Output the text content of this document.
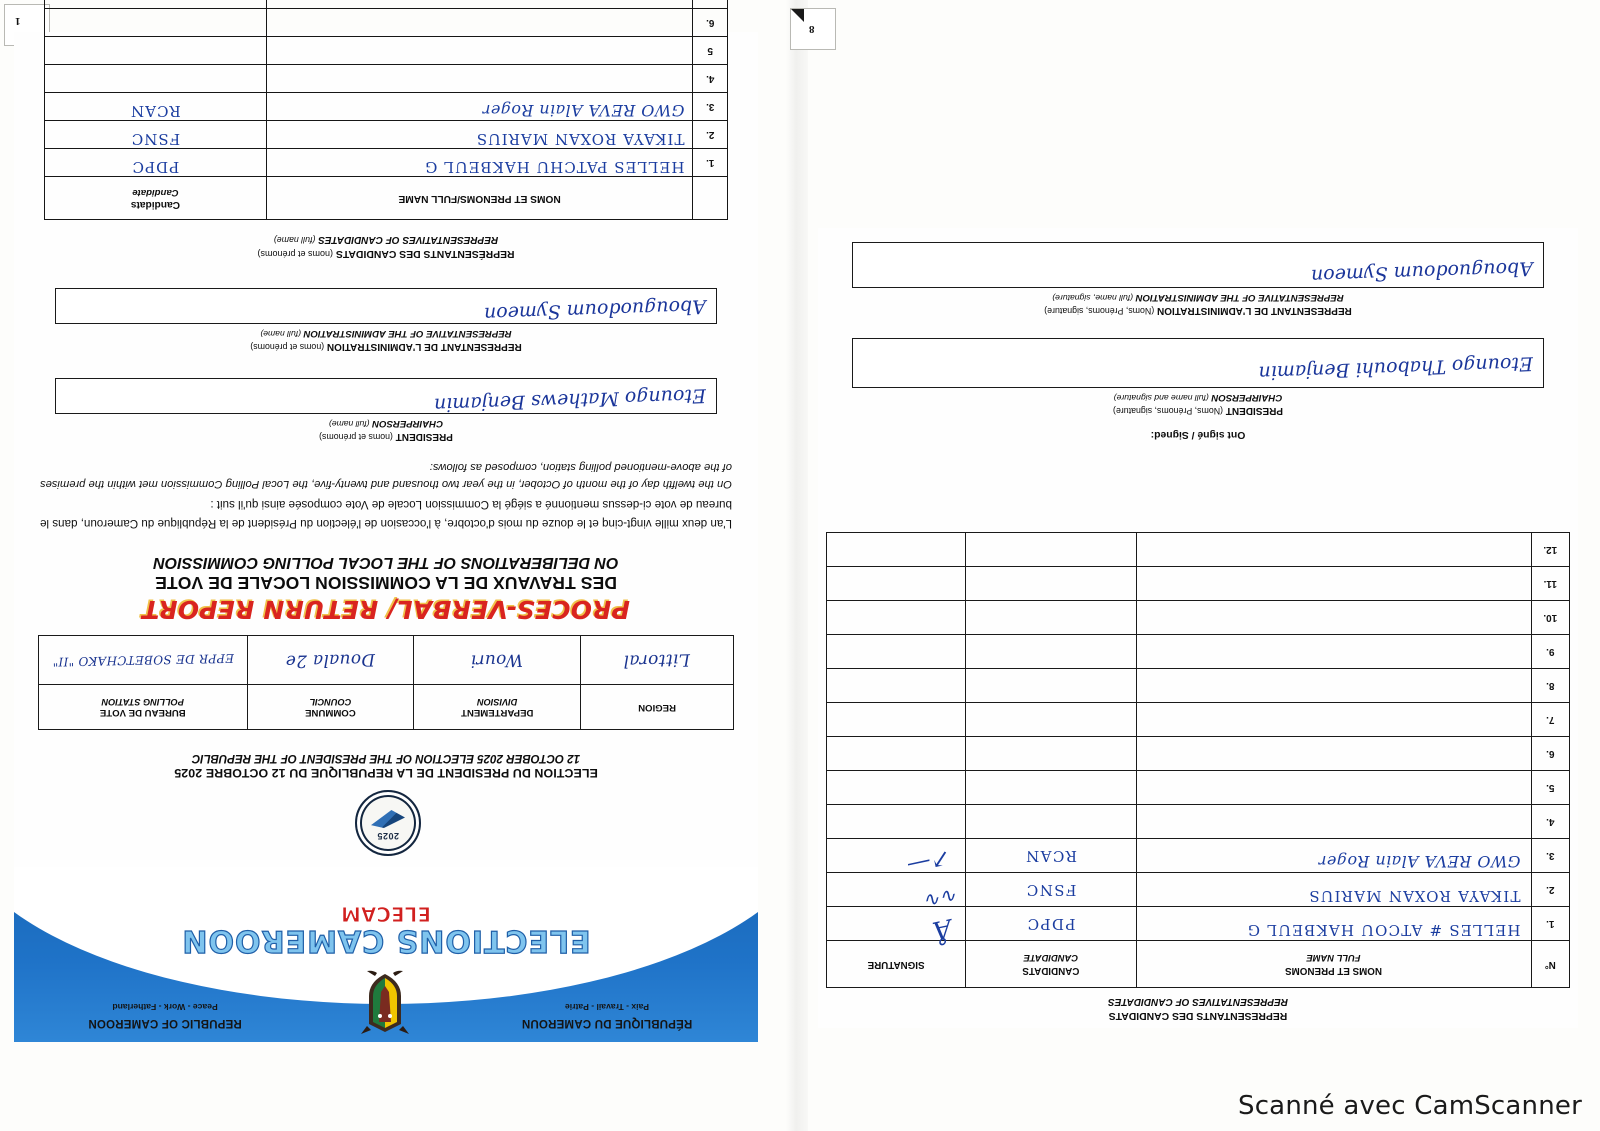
1
8
RÉPUBLIQUE DU CAMEROUN
Paix - Travail - Patrie
REPUBLIC OF CAMEROON
Peace - Work - Fatherland
ELECTIONS CAMEROON
ELECAM
2025
ELECTION DU PRESIDENT DE LA REPUBLIQUE DU 12 OCTOBRE 2025
12 OCTOBER 2025 ELECTION OF THE PRESIDENT OF THE REPUBLIC
REGION

DEPARTEMENT
DIVISION

COMMUNE
COUNCIL

BUREAU DE VOTE
POLLING STATION

Littoral	Wouri	Douala 2e	EPPR DE SOBETCHAKO "II"
PROCES-VERBAL/ RETURN REPORT
DES TRAVAUX DE LA COMMISSION LOCALE DE VOTE
ON DELIBERATIONS OF THE LOCAL POLLING COMMISSION
L'an deux mille vingt-cinq et le douze du mois d'octobre, à l'occasion de l'élection du Président de la République du Cameroun, dans le bureau de vote ci-dessus mentionné a siégé la Commission Locale de Vote composée ainsi qu'il suit :
On the twelfth day of the month of October, in the year two thousand and twenty-five, the Local Polling Commission met within the premises of the above-mentioned polling station, composed as follows:
PRESIDENT (noms et prénoms)
CHAIRPERSON (full name)
Etoungo Mathews Benjamin
REPRESENTANT DE L'ADMINISTRATION (noms et prénoms)
REPRESENTATIVE OF THE ADMINISTRATION (full name)
Abouguodoum Symeon
REPRÉSENTANTS DES CANDIDATS (noms et prénoms)
REPRESENTATIVES OF CANDIDATES (full name)
	NOMS ET PRENOMS/FULL NAME	Candidats
Candidate

1.	HELLES PATCHU HAKBEUL G	PDPC

2.	TIKAYA ROXAN MARIUS	FSNC

3.	GWO REVA Alain Roger	RCAN

4.	

5	

6.	

REPRESENTANTS DES CANDIDATS
REPRESENTATIVES OF CANDIDATES
N°	
NOMS ET PRENOMS
FULL NAME

CANDIDATS
CANDIDATE
	SIGNATURE
1.	HELLES # ATCOU HAKBEUL G	PDPC	Å

2.	TIKAYA ROXAN MARIUS	FSNC	∿∿

3.	GWO REVA Alain Roger	RCAN	↗—

4.	

5.	

6.	

7.	

8.	

9.	

10.	

11.	

12.	

Ont signé / Signed:
PRESIDENT (Noms, Prénoms, signature)
CHAIRPERSON (full name and signature)
Etoungo Thabouhi Benjamin
REPRESENTANT DE L'ADMINISTRATION (Noms, Prénoms, signature)
REPRESENTATIVE OF THE ADMINISTRATION (full name, signature)
Abouguodoum Symeon
Scanné avec CamScanner
